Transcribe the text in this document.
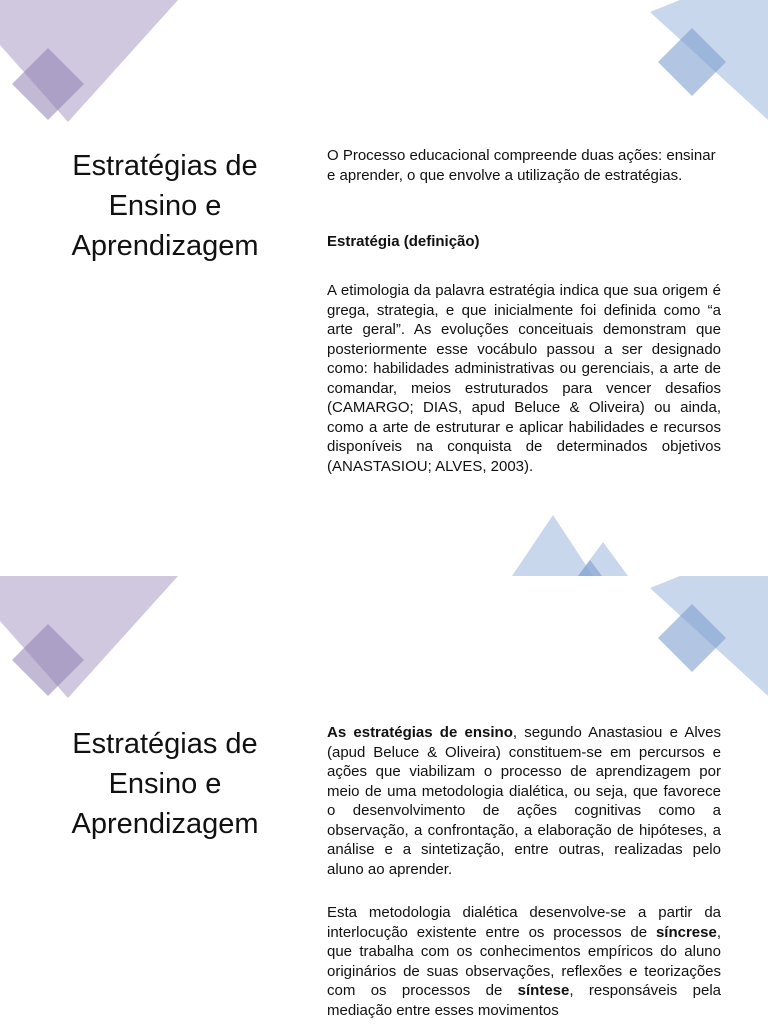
Estratégias de Ensino e Aprendizagem

O Processo educacional compreende duas ações: ensinar e aprender, o que envolve a utilização de estratégias.

Estratégia (definição)

A etimologia da palavra estratégia indica que sua origem é grega, strategia, e que inicialmente foi definida como “a arte geral”. As evoluções conceituais demonstram que posteriormente esse vocábulo passou a ser designado como: habilidades administrativas ou gerenciais, a arte de comandar, meios estruturados para vencer desafios (CAMARGO; DIAS, apud Beluce & Oliveira) ou ainda, como a arte de estruturar e aplicar habilidades e recursos disponíveis na conquista de determinados objetivos (ANASTASIOU; ALVES, 2003).

Estratégias de Ensino e Aprendizagem

As estratégias de ensino, segundo Anastasiou e Alves (apud Beluce & Oliveira) constituem-se em percursos e ações que viabilizam o processo de aprendizagem por meio de uma metodologia dialética, ou seja, que favorece o desenvolvimento de ações cognitivas como a observação, a confrontação, a elaboração de hipóteses, a análise e a sintetização, entre outras, realizadas pelo aluno ao aprender.

Esta metodologia dialética desenvolve-se a partir da interlocução existente entre os processos de síncrese, que trabalha com os conhecimentos empíricos do aluno originários de suas observações, reflexões e teorizações com os processos de síntese, responsáveis pela mediação entre esses movimentos
